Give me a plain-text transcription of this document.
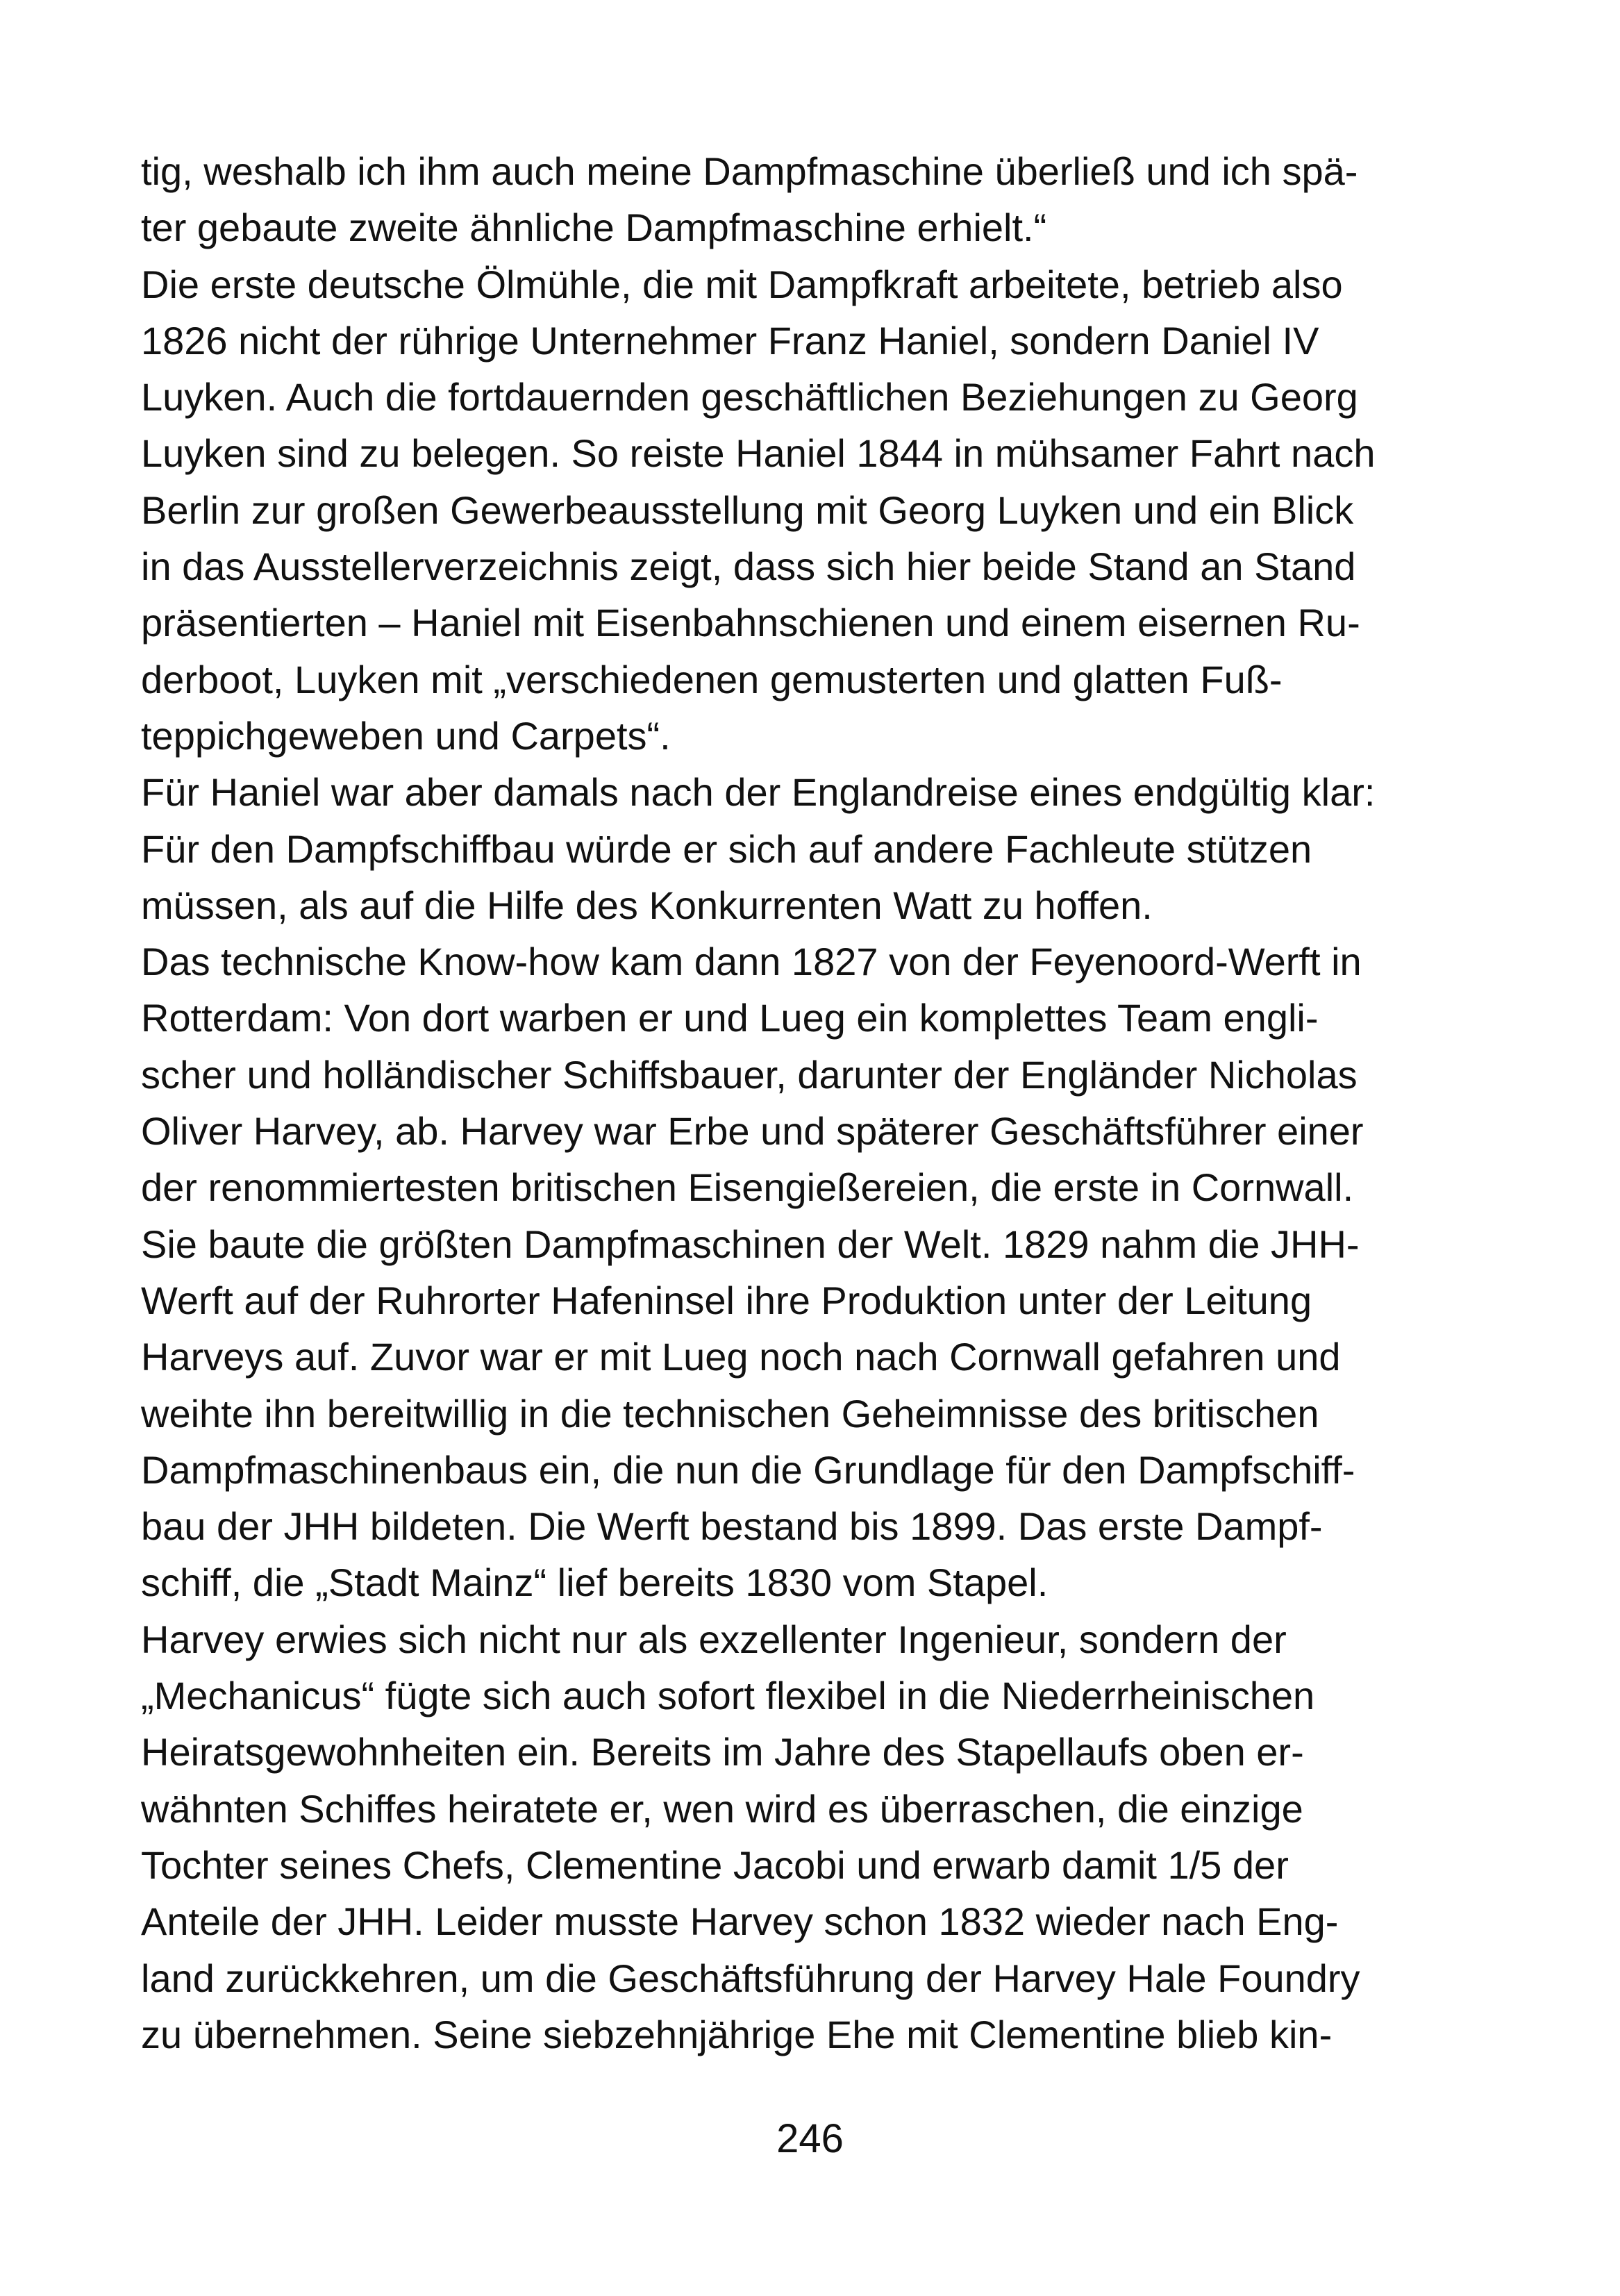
tig, weshalb ich ihm auch meine Dampfmaschine überließ und ich spä-
ter gebaute zweite ähnliche Dampfmaschine erhielt.“
Die erste deutsche Ölmühle, die mit Dampfkraft arbeitete, betrieb also
1826 nicht der rührige Unternehmer Franz Haniel, sondern Daniel IV
Luyken. Auch die fortdauernden geschäftlichen Beziehungen zu Georg
Luyken sind zu belegen. So reiste Haniel 1844 in mühsamer Fahrt nach
Berlin zur großen Gewerbeausstellung mit Georg Luyken und ein Blick
in das Ausstellerverzeichnis zeigt, dass sich hier beide Stand an Stand
präsentierten – Haniel mit Eisenbahnschienen und einem eisernen Ru-
derboot, Luyken mit „verschiedenen gemusterten und glatten Fuß-
teppichgeweben und Carpets“.
Für Haniel war aber damals nach der Englandreise eines endgültig klar:
Für den Dampfschiffbau würde er sich auf andere Fachleute stützen
müssen, als auf die Hilfe des Konkurrenten Watt zu hoffen.
Das technische Know-how kam dann 1827 von der Feyenoord-Werft in
Rotterdam: Von dort warben er und Lueg ein komplettes Team engli-
scher und holländischer Schiffsbauer, darunter der Engländer Nicholas
Oliver Harvey, ab. Harvey war Erbe und späterer Geschäftsführer einer
der renommiertesten britischen Eisengießereien, die erste in Cornwall.
Sie baute die größten Dampfmaschinen der Welt. 1829 nahm die JHH-
Werft auf der Ruhrorter Hafeninsel ihre Produktion unter der Leitung
Harveys auf. Zuvor war er mit Lueg noch nach Cornwall gefahren und
weihte ihn bereitwillig in die technischen Geheimnisse des britischen
Dampfmaschinenbaus ein, die nun die Grundlage für den Dampfschiff-
bau der JHH bildeten. Die Werft bestand bis 1899. Das erste Dampf-
schiff, die „Stadt Mainz“ lief bereits 1830 vom Stapel.
Harvey erwies sich nicht nur als exzellenter Ingenieur, sondern der
„Mechanicus“ fügte sich auch sofort flexibel in die Niederrheinischen
Heiratsgewohnheiten ein. Bereits im Jahre des Stapellaufs oben er-
wähnten Schiffes heiratete er, wen wird es überraschen, die einzige
Tochter seines Chefs, Clementine Jacobi und erwarb damit 1/5 der
Anteile der JHH. Leider musste Harvey schon 1832 wieder nach Eng-
land zurückkehren, um die Geschäftsführung der Harvey Hale Foundry
zu übernehmen. Seine siebzehnjährige Ehe mit Clementine blieb kin-

246
